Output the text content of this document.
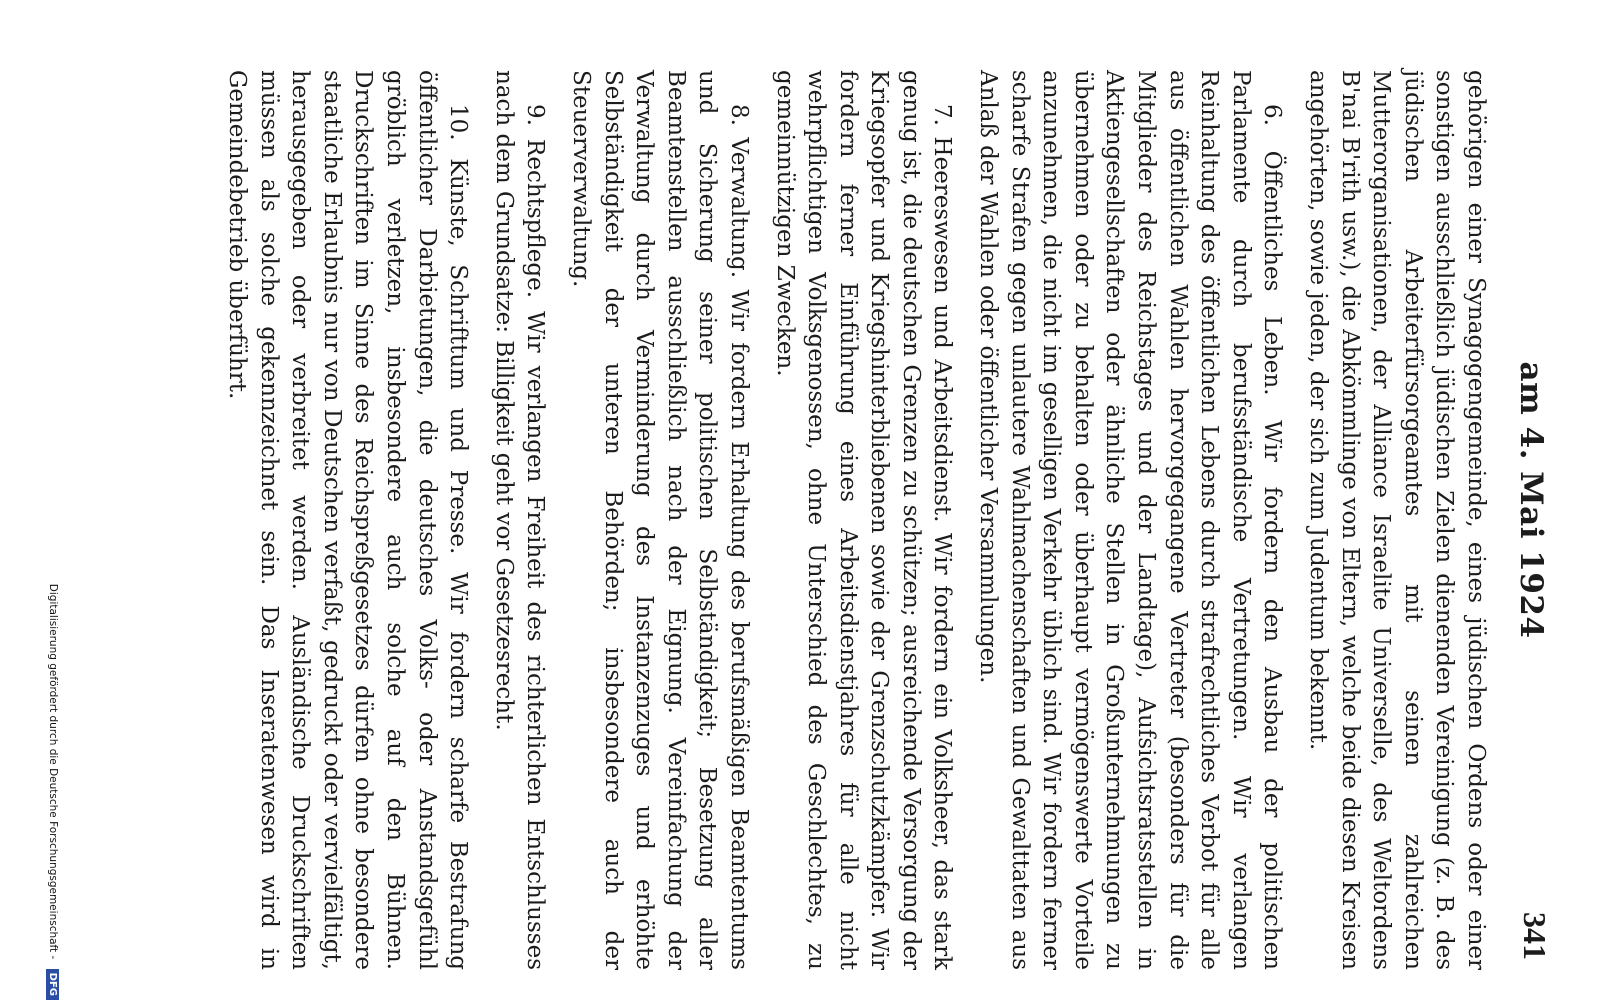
am 4. Mai 1924
341

gehörigen einer Synagogengemeinde, eines jüdischen Ordens oder einer sonstigen ausschließlich jüdischen Zielen dienenden Vereinigung (z. B. des jüdischen Arbeiterfürsorgeamtes mit seinen zahlreichen Mutterorganisationen, der Alliance Israelite Universelle, des Weltordens B'nai B'rith usw.), die Abkömmlinge von Eltern, welche beide diesen Kreisen angehörten, sowie jeden, der sich zum Judentum bekennt.

6. Öffentliches Leben. Wir fordern den Ausbau der politischen Parlamente durch berufsständische Vertretungen. Wir verlangen Reinhaltung des öffentlichen Lebens durch strafrechtliches Verbot für alle aus öffentlichen Wahlen hervorgegangene Vertreter (besonders für die Mitglieder des Reichstages und der Landtage), Aufsichtsratsstellen in Aktiengesellschaften oder ähnliche Stellen in Großunternehmungen zu übernehmen oder zu behalten oder überhaupt vermögenswerte Vorteile anzunehmen, die nicht im geselligen Verkehr üblich sind. Wir fordern ferner scharfe Strafen gegen unlautere Wahlmachenschaften und Gewalttaten aus Anlaß der Wahlen oder öffentlicher Versammlungen.

7. Heereswesen und Arbeitsdienst. Wir fordern ein Volksheer, das stark genug ist, die deutschen Grenzen zu schützen; ausreichende Versorgung der Kriegsopfer und Kriegshinterbliebenen sowie der Grenzschutzkämpfer. Wir fordern ferner Einführung eines Arbeitsdienstjahres für alle nicht wehrpflichtigen Volksgenossen, ohne Unterschied des Geschlechtes, zu gemeinnützigen Zwecken.

8. Verwaltung. Wir fordern Erhaltung des berufsmäßigen Beamtentums und Sicherung seiner politischen Selbständigkeit; Besetzung aller Beamtenstellen ausschließlich nach der Eignung. Vereinfachung der Verwaltung durch Verminderung des Instanzenzuges und erhöhte Selbständigkeit der unteren Behörden; insbesondere auch der Steuerverwaltung.

9. Rechtspflege. Wir verlangen Freiheit des richterlichen Entschlusses nach dem Grundsatze: Billigkeit geht vor Gesetzesrecht.

10. Künste, Schrifttum und Presse. Wir fordern scharfe Bestrafung öffentlicher Darbietungen, die deutsches Volks- oder Anstandsgefühl gröblich verletzen, insbesondere auch solche auf den Bühnen. Druckschriften im Sinne des Reichspreßgesetzes dürfen ohne besondere staatliche Erlaubnis nur von Deutschen verfaßt, gedruckt oder vervielfältigt, herausgegeben oder verbreitet werden. Ausländische Druckschriften müssen als solche gekennzeichnet sein. Das Inseratenwesen wird in Gemeindebetrieb überführt.

Digitalisierung gefördert durch die Deutsche Forschungsgemeinschaft - DFG
